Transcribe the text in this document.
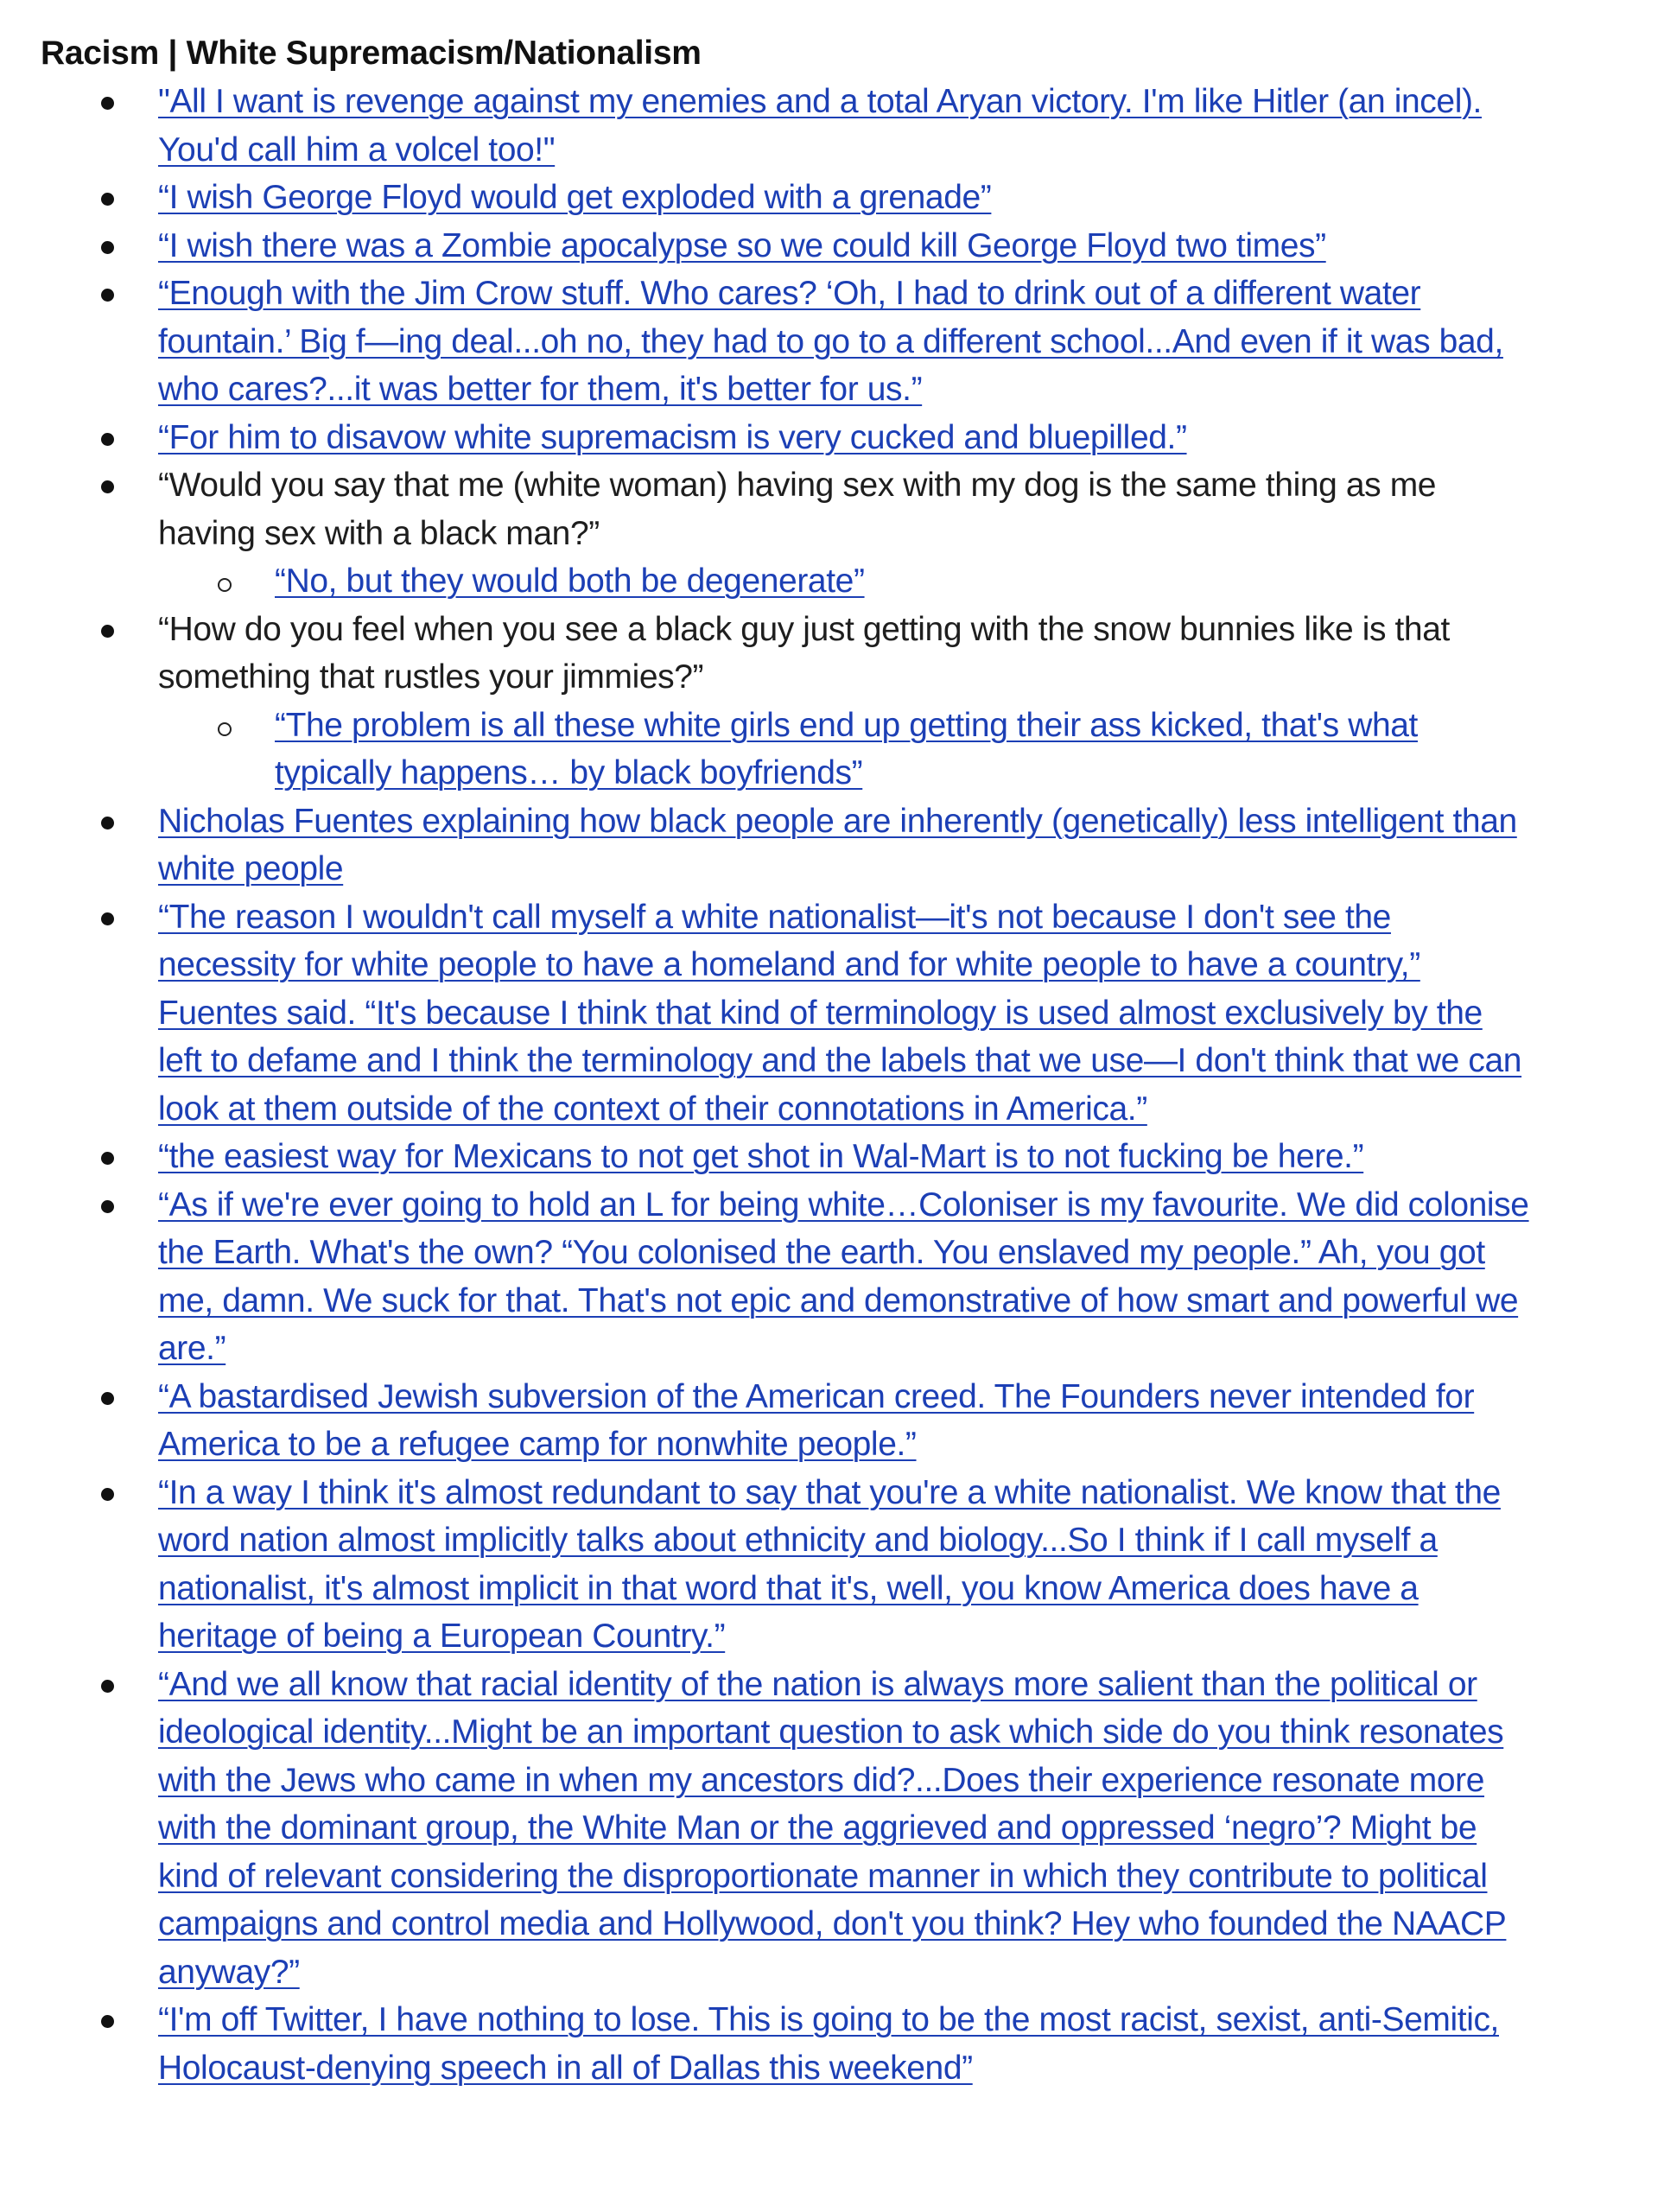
Racism | White Supremacism/Nationalism
"All I want is revenge against my enemies and a total Aryan victory. I'm like Hitler (an incel). You'd call him a volcel too!"
“I wish George Floyd would get exploded with a grenade”
“I wish there was a Zombie apocalypse so we could kill George Floyd two times”
“Enough with the Jim Crow stuff. Who cares? ‘Oh, I had to drink out of a different water fountain.’ Big f—ing deal...oh no, they had to go to a different school...And even if it was bad, who cares?...it was better for them, it's better for us.”
“For him to disavow white supremacism is very cucked and bluepilled.”
“Would you say that me (white woman) having sex with my dog is the same thing as me having sex with a black man?”
“No, but they would both be degenerate”
“How do you feel when you see a black guy just getting with the snow bunnies like is that something that rustles your jimmies?”
“The problem is all these white girls end up getting their ass kicked, that's what typically happens… by black boyfriends”
Nicholas Fuentes explaining how black people are inherently (genetically) less intelligent than white people
“The reason I wouldn't call myself a white nationalist—it's not because I don't see the necessity for white people to have a homeland and for white people to have a country,” Fuentes said. “It's because I think that kind of terminology is used almost exclusively by the left to defame and I think the terminology and the labels that we use—I don't think that we can look at them outside of the context of their connotations in America.”
“the easiest way for Mexicans to not get shot in Wal-Mart is to not fucking be here.”
“As if we're ever going to hold an L for being white…Coloniser is my favourite. We did colonise the Earth. What's the own? “You colonised the earth. You enslaved my people.” Ah, you got me, damn. We suck for that. That's not epic and demonstrative of how smart and powerful we are.”
“A bastardised Jewish subversion of the American creed. The Founders never intended for America to be a refugee camp for nonwhite people.”
“In a way I think it's almost redundant to say that you're a white nationalist. We know that the word nation almost implicitly talks about ethnicity and biology...So I think if I call myself a nationalist, it's almost implicit in that word that it's, well, you know America does have a heritage of being a European Country.”
“And we all know that racial identity of the nation is always more salient than the political or ideological identity...Might be an important question to ask which side do you think resonates with the Jews who came in when my ancestors did?...Does their experience resonate more with the dominant group, the White Man or the aggrieved and oppressed ‘negro’? Might be kind of relevant considering the disproportionate manner in which they contribute to political campaigns and control media and Hollywood, don't you think? Hey who founded the NAACP anyway?”
“I'm off Twitter, I have nothing to lose. This is going to be the most racist, sexist, anti-Semitic, Holocaust-denying speech in all of Dallas this weekend”
